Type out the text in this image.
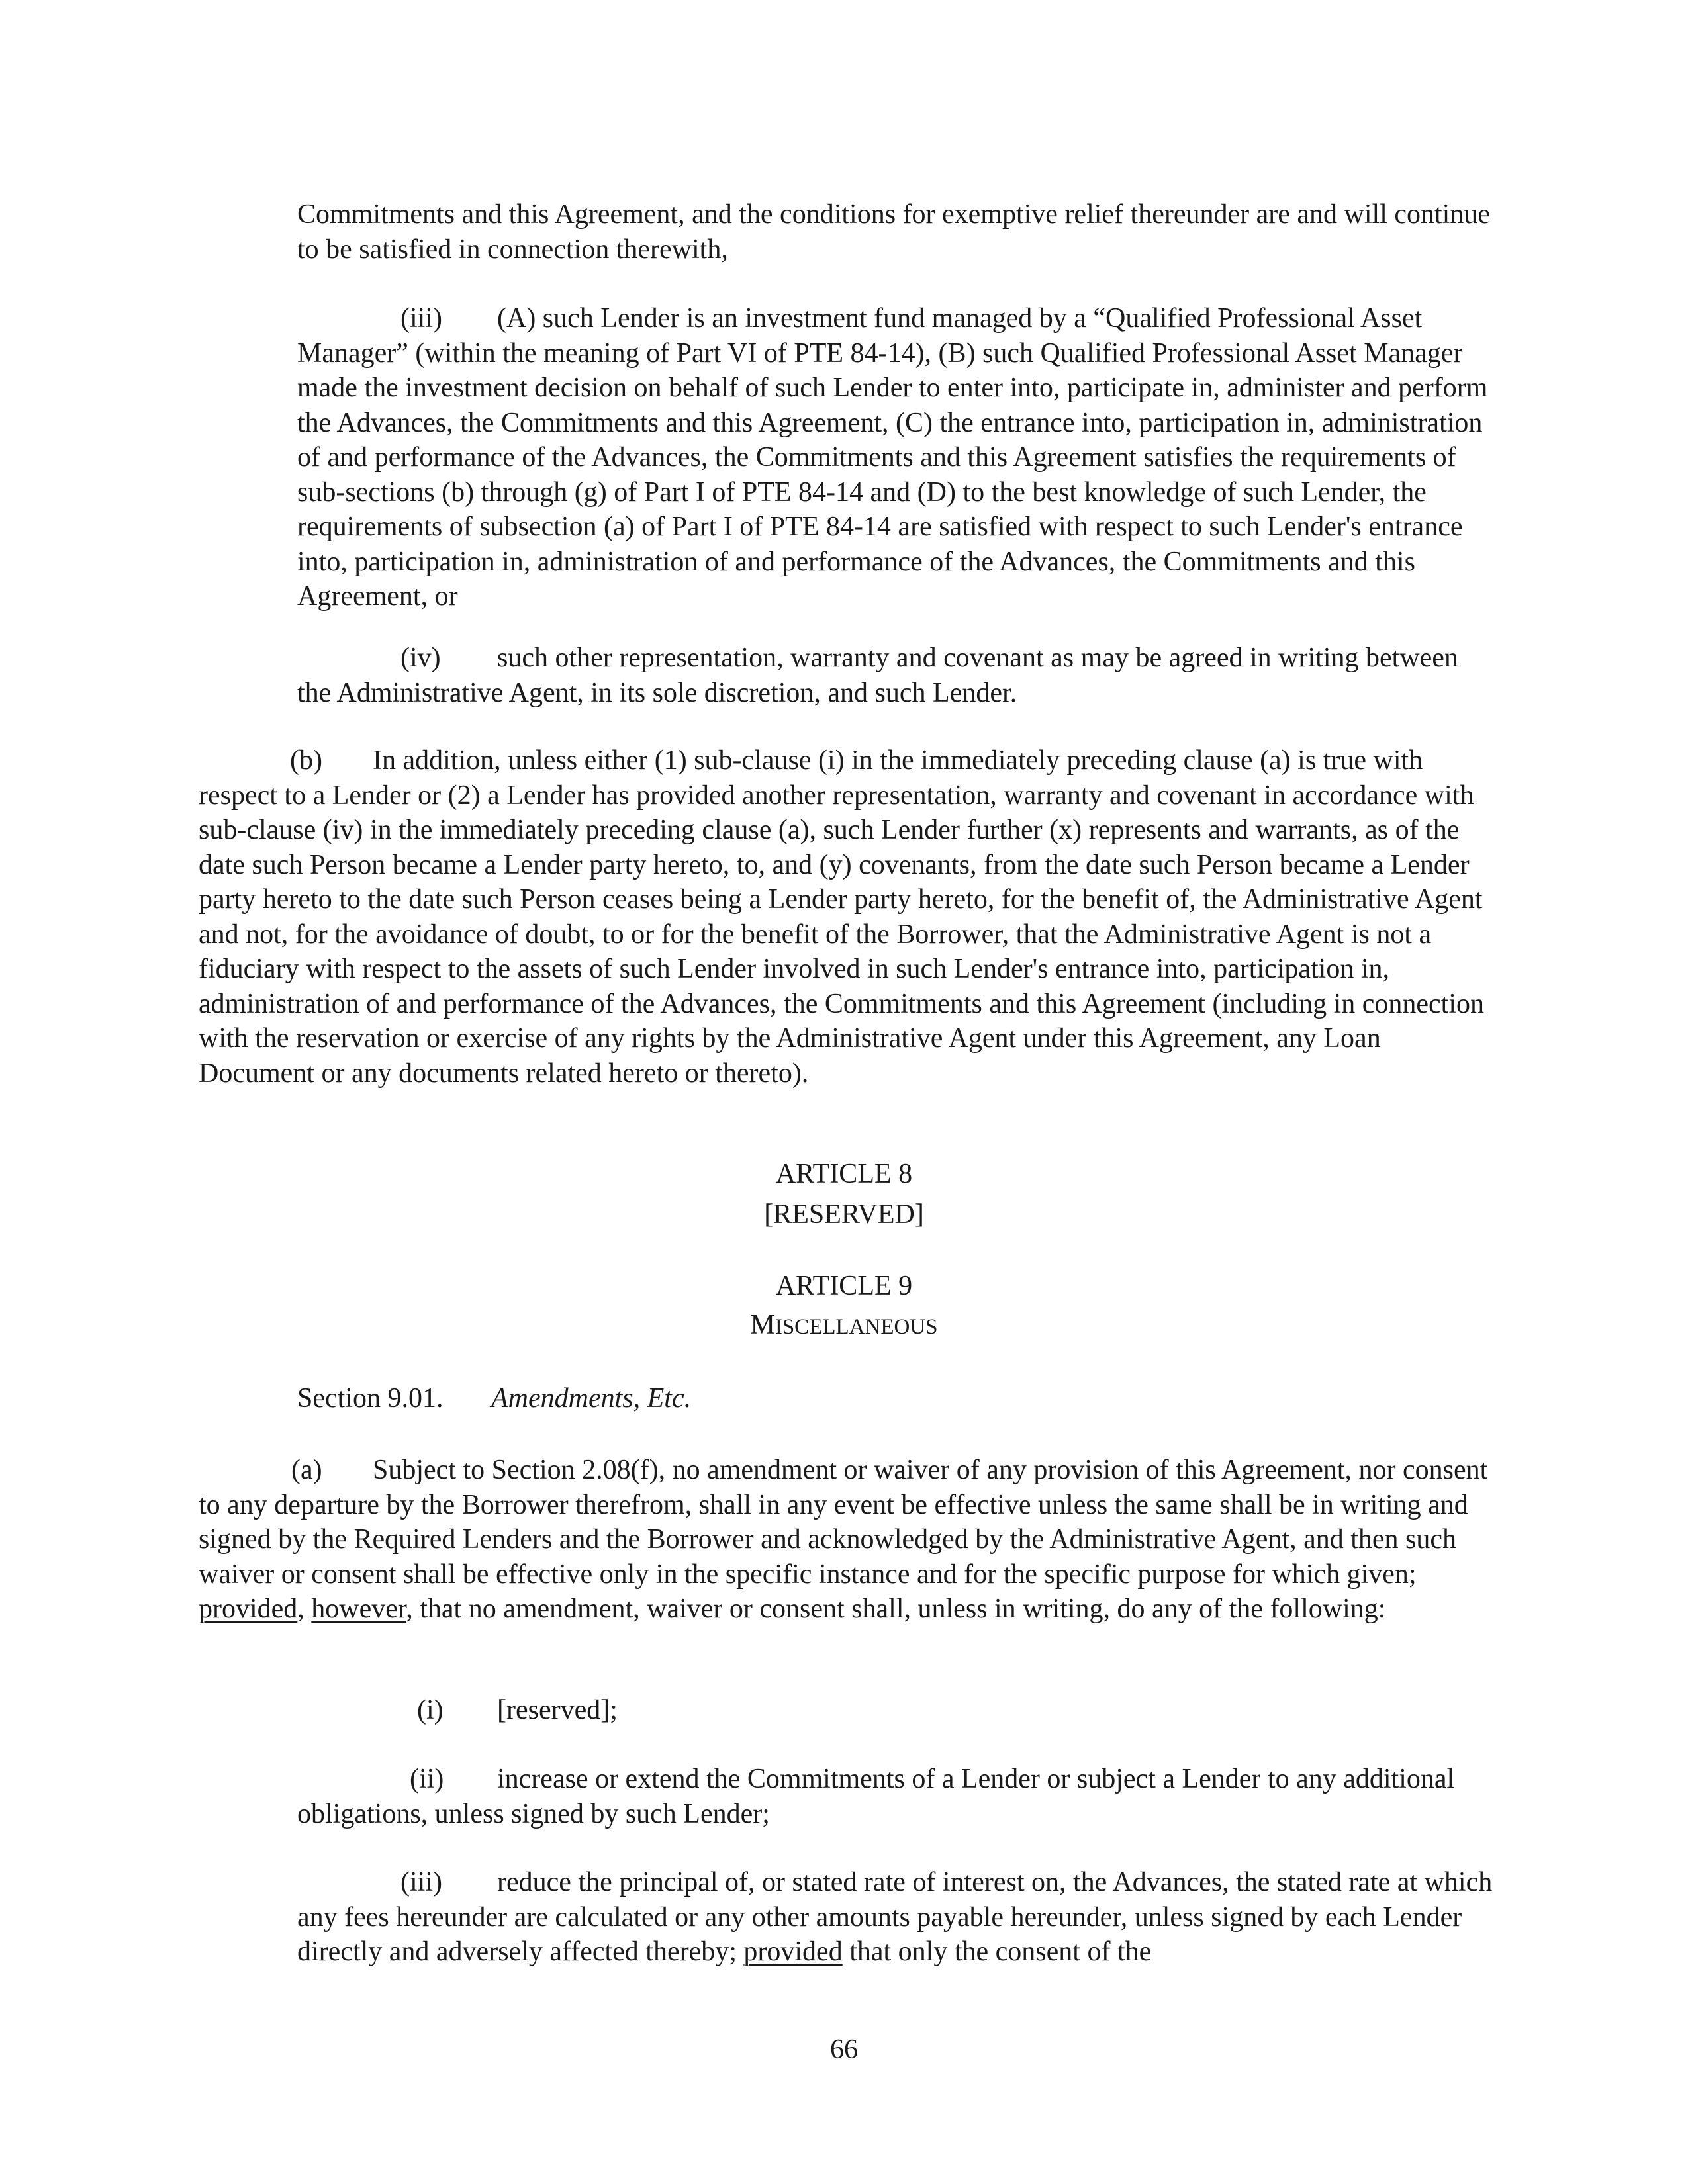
Commitments and this Agreement, and the conditions for exemptive relief thereunder are and will continue to be satisfied in connection therewith,

(iii) (A) such Lender is an investment fund managed by a “Qualified Professional Asset Manager” (within the meaning of Part VI of PTE 84-14), (B) such Qualified Professional Asset Manager made the investment decision on behalf of such Lender to enter into, participate in, administer and perform the Advances, the Commitments and this Agreement, (C) the entrance into, participation in, administration of and performance of the Advances, the Commitments and this Agreement satisfies the requirements of sub-sections (b) through (g) of Part I of PTE 84-14 and (D) to the best knowledge of such Lender, the requirements of subsection (a) of Part I of PTE 84-14 are satisfied with respect to such Lender's entrance into, participation in, administration of and performance of the Advances, the Commitments and this Agreement, or

(iv) such other representation, warranty and covenant as may be agreed in writing between the Administrative Agent, in its sole discretion, and such Lender.

(b) In addition, unless either (1) sub-clause (i) in the immediately preceding clause (a) is true with respect to a Lender or (2) a Lender has provided another representation, warranty and covenant in accordance with sub-clause (iv) in the immediately preceding clause (a), such Lender further (x) represents and warrants, as of the date such Person became a Lender party hereto, to, and (y) covenants, from the date such Person became a Lender party hereto to the date such Person ceases being a Lender party hereto, for the benefit of, the Administrative Agent and not, for the avoidance of doubt, to or for the benefit of the Borrower, that the Administrative Agent is not a fiduciary with respect to the assets of such Lender involved in such Lender's entrance into, participation in, administration of and performance of the Advances, the Commitments and this Agreement (including in connection with the reservation or exercise of any rights by the Administrative Agent under this Agreement, any Loan Document or any documents related hereto or thereto).

ARTICLE 8

[RESERVED]

ARTICLE 9

MISCELLANEOUS

Section 9.01. Amendments, Etc.

(a) Subject to Section 2.08(f), no amendment or waiver of any provision of this Agreement, nor consent to any departure by the Borrower therefrom, shall in any event be effective unless the same shall be in writing and signed by the Required Lenders and the Borrower and acknowledged by the Administrative Agent, and then such waiver or consent shall be effective only in the specific instance and for the specific purpose for which given; provided, however, that no amendment, waiver or consent shall, unless in writing, do any of the following:

(i) [reserved];

(ii) increase or extend the Commitments of a Lender or subject a Lender to any additional obligations, unless signed by such Lender;

(iii) reduce the principal of, or stated rate of interest on, the Advances, the stated rate at which any fees hereunder are calculated or any other amounts payable hereunder, unless signed by each Lender directly and adversely affected thereby; provided that only the consent of the

66
